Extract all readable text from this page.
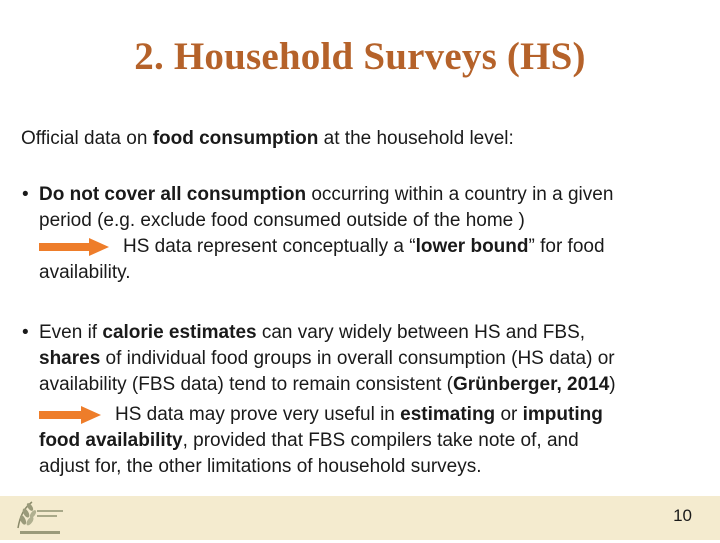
2. Household Surveys (HS)
Official data on food consumption at the household level:
• Do not cover all consumption occurring within a country in a given
period (e.g. exclude food consumed outside of the home )
HS data represent conceptually a “lower bound” for food
availability.
• Even if calorie estimates can vary widely between HS and FBS,
shares of individual food groups in overall consumption (HS data) or
availability (FBS data) tend to remain consistent (Grünberger, 2014)
HS data may prove very useful in estimating or imputing
food availability, provided that FBS compilers take note of, and
adjust for, the other limitations of household surveys.
10
